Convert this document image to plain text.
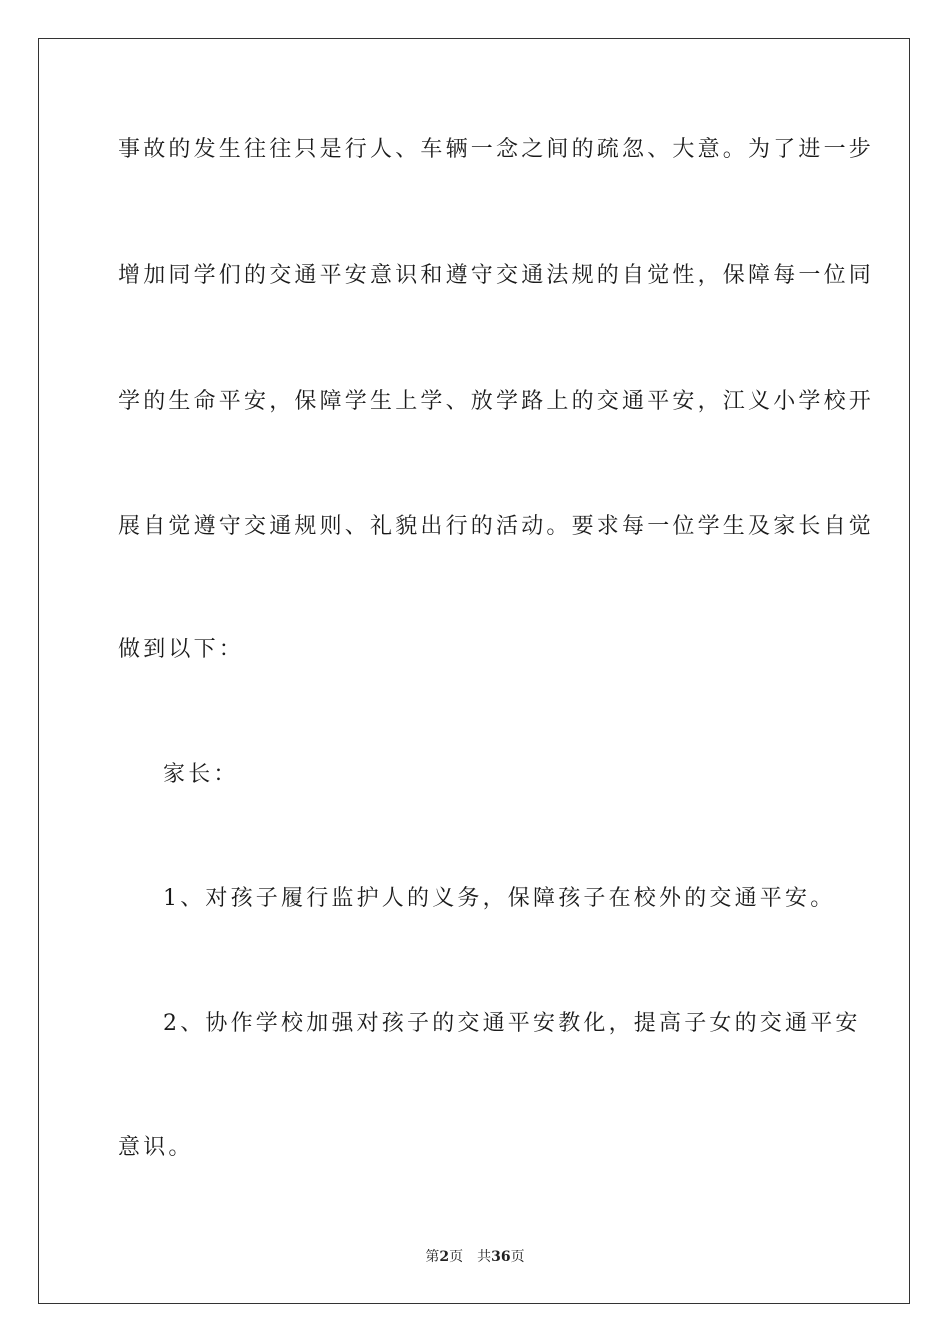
事故的发生往往只是行人、车辆一念之间的疏忽、大意。为了进一步
增加同学们的交通平安意识和遵守交通法规的自觉性，保障每一位同
学的生命平安，保障学生上学、放学路上的交通平安，江义小学校开
展自觉遵守交通规则、礼貌出行的活动。要求每一位学生及家长自觉
做到以下：
家长：
1、对孩子履行监护人的义务，保障孩子在校外的交通平安。
2、协作学校加强对孩子的交通平安教化，提高子女的交通平安
意识。
第2页 共36页
